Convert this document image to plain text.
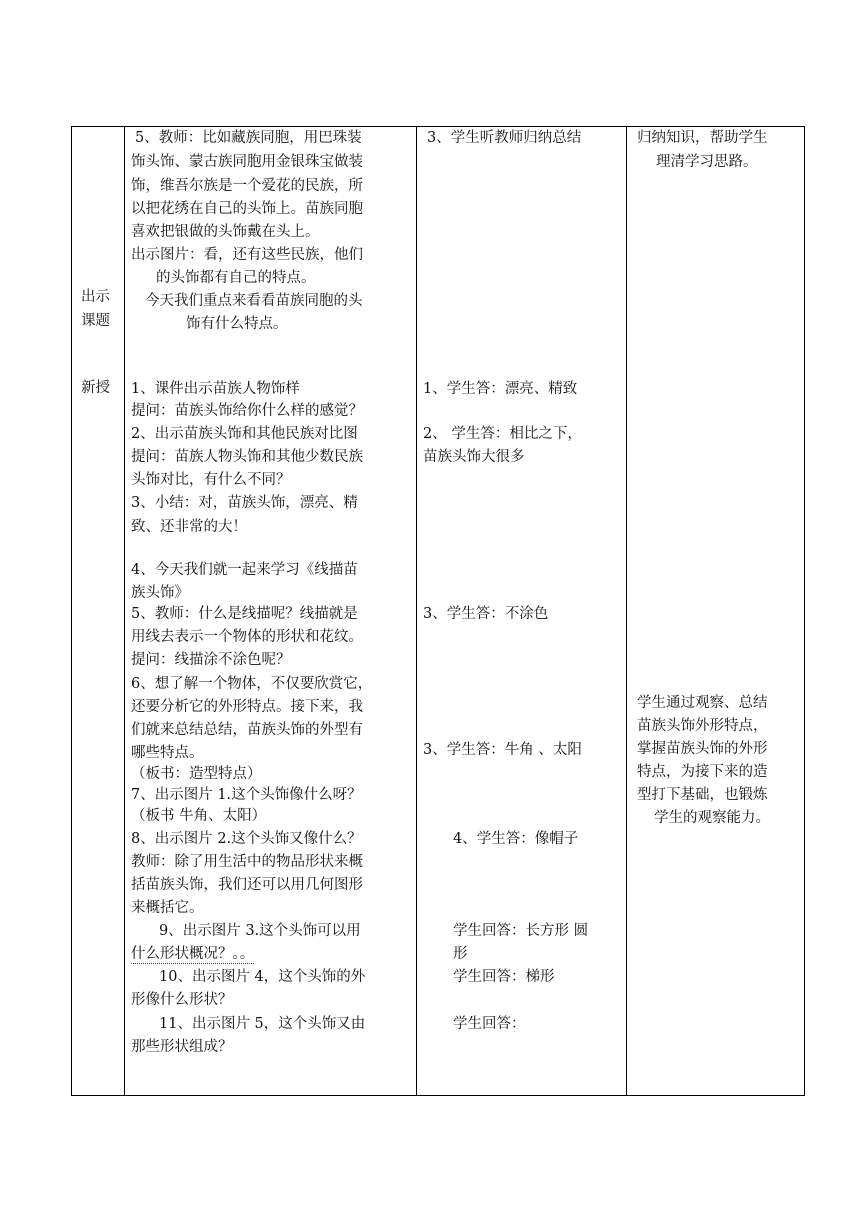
出示
课题
新授
5、教师：比如藏族同胞，用巴珠装
饰头饰、蒙古族同胞用金银珠宝做装
饰，维吾尔族是一个爱花的民族，所
以把花绣在自己的头饰上。苗族同胞
喜欢把银做的头饰戴在头上。
出示图片：看，还有这些民族，他们
的头饰都有自己的特点。
今天我们重点来看看苗族同胞的头
饰有什么特点。
1、课件出示苗族人物饰样
提问：苗族头饰给你什么样的感觉？
2、出示苗族头饰和其他民族对比图
提问：苗族人物头饰和其他少数民族
头饰对比，有什么不同？
3、小结：对，苗族头饰，漂亮、精
致、还非常的大！
4、今天我们就一起来学习《线描苗
族头饰》
5、教师：什么是线描呢？线描就是
用线去表示一个物体的形状和花纹。
提问：线描涂不涂色呢？
6、想了解一个物体，不仅要欣赏它，
还要分析它的外形特点。接下来，我
们就来总结总结，苗族头饰的外型有
哪些特点。
（板书：造型特点）
7、出示图片 1.这个头饰像什么呀？
（板书 牛角、太阳）
8、出示图片 2.这个头饰又像什么？
教师：除了用生活中的物品形状来概
括苗族头饰，我们还可以用几何图形
来概括它。
9、出示图片 3.这个头饰可以用
什么形状概况？。。
10、出示图片 4，这个头饰的外
形像什么形状？
11、出示图片 5，这个头饰又由
那些形状组成？
3、学生听教师归纳总结
1、学生答：漂亮、精致
2、 学生答：相比之下，
苗族头饰大很多
3、学生答：不涂色
3、学生答：牛角 、太阳
4、学生答：像帽子
学生回答：长方形 圆
形
学生回答：梯形
学生回答：
归纳知识，帮助学生
理清学习思路。
学生通过观察、总结
苗族头饰外形特点，
掌握苗族头饰的外形
特点，为接下来的造
型打下基础，也锻炼
学生的观察能力。
